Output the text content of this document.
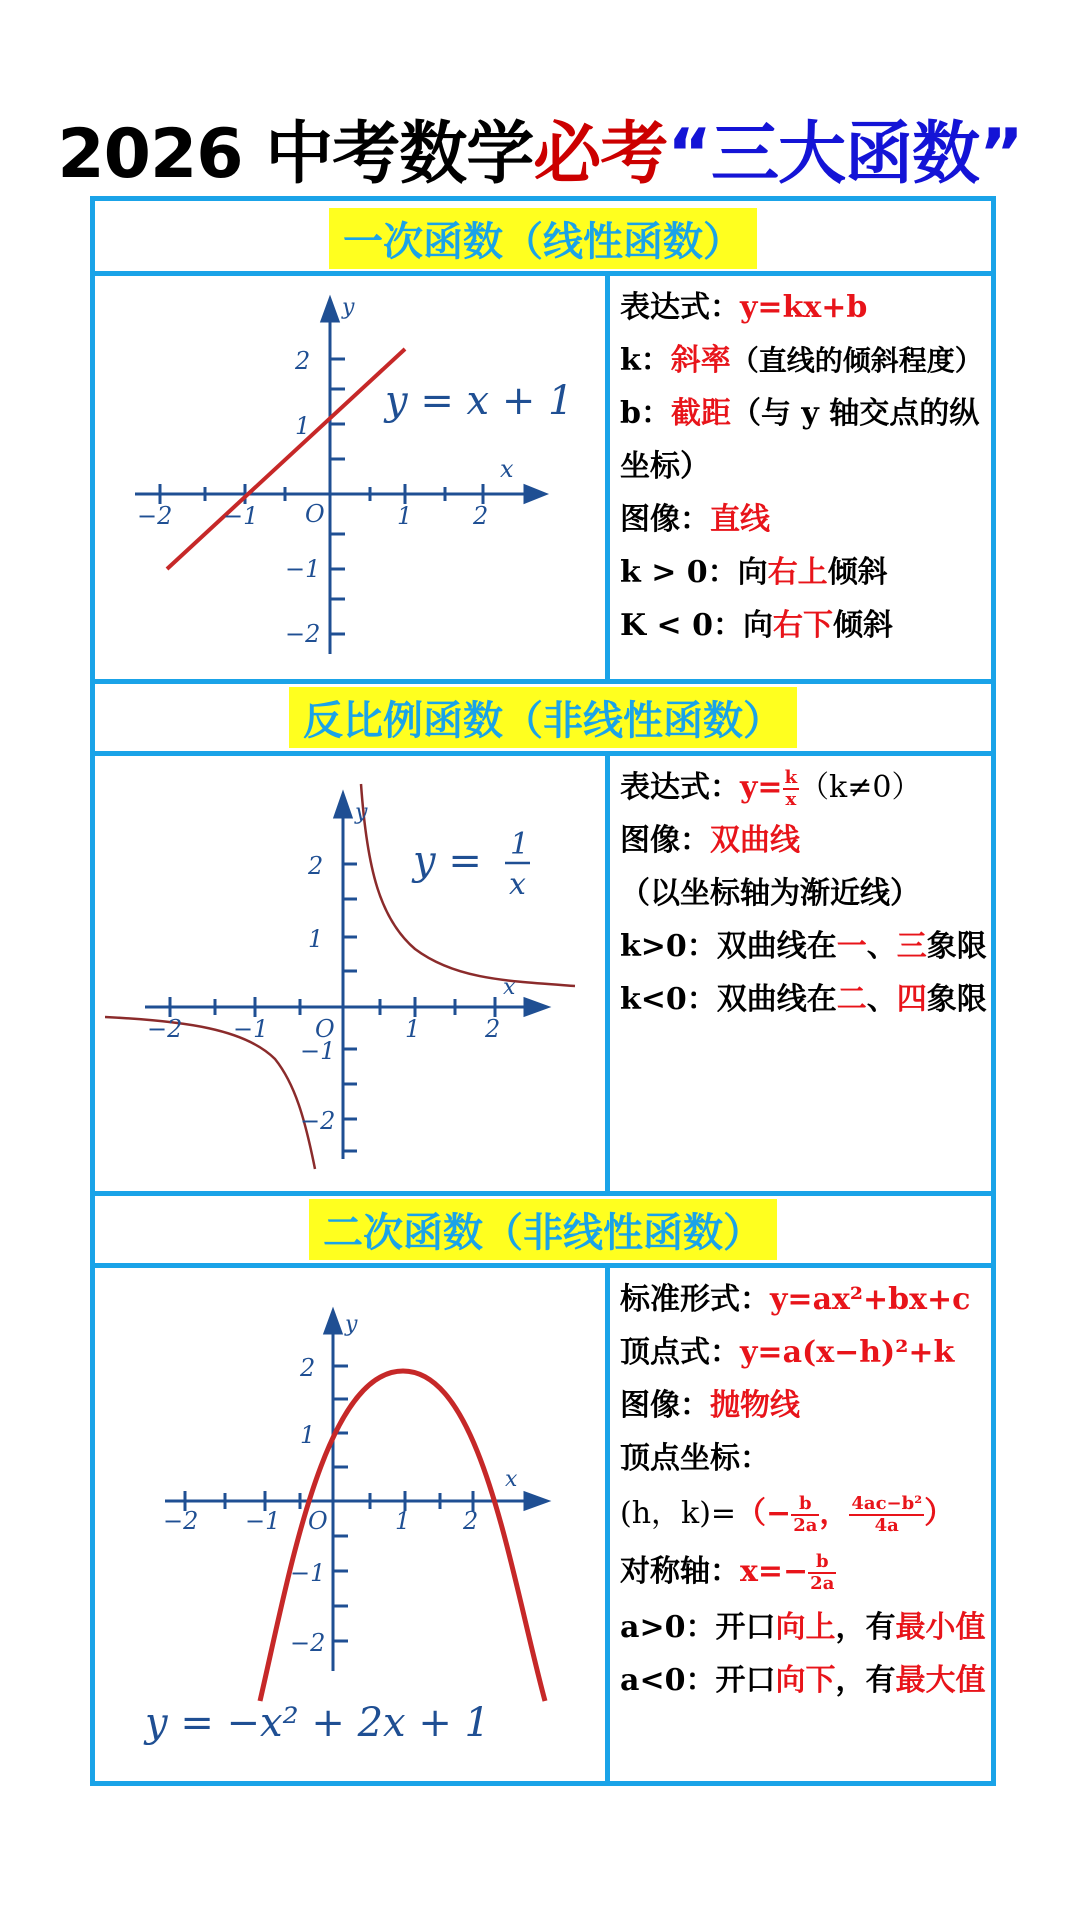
2026 中考数学必考“三大函数”
一次函数（线性函数）
y
x
O
−2 −1	1	2
2
1
−1
−2
y = x + 1
表达式：y=kx+b
k：斜率（直线的倾斜程度）
b：截距（与 y 轴交点的纵
坐标）
图像：直线
k > 0：向右上倾斜
K < 0：向右下倾斜
反比例函数（非线性函数）
y
x
O
−2 −1	1	2
2
1
−1
−2
y = 1
x
表达式：$y= \frac{k}{x} (k\ne 0)$
图像：双曲线
（以坐标轴为渐近线）
k>0：双曲线在一、三象限
k<0：双曲线在二、四象限
二次函数（非线性函数）
y
x
O
−2 −1	1 2
2
1
−1
−2
y = −x² + 2x + 1
标准形式：y=ax²+bx+c
顶点式：y=a(x−h)²+k
图像：抛物线
顶点坐标：
(h，$k)=(- \frac{b}{2a}$ ， $\frac{\text{4ac−b²}}{4a}$ ）
对称轴：$x=- \frac{b}{2a}$
a>0：开口向上，有最小值
a<0：开口向下，有最大值
